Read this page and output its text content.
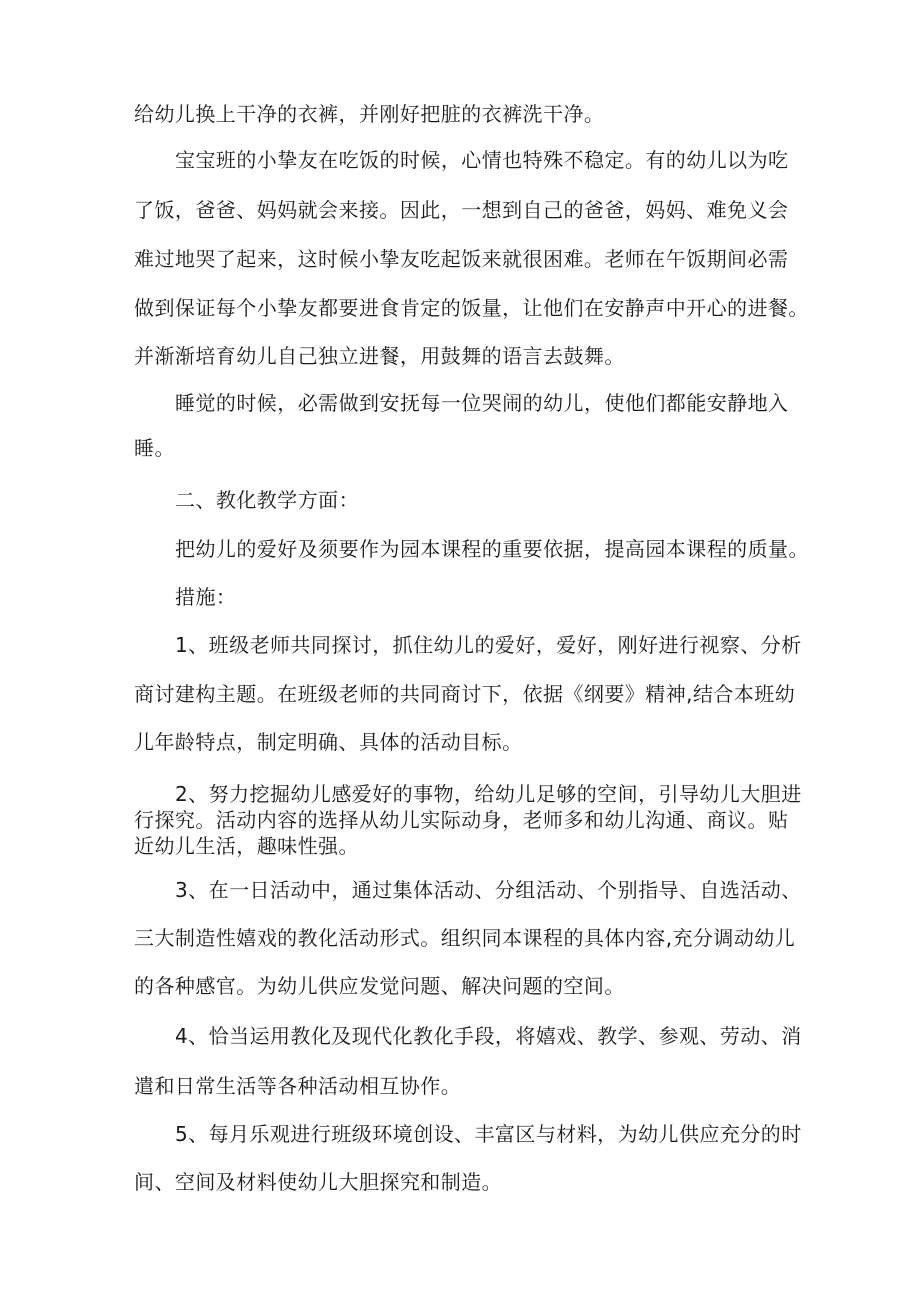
给幼儿换上干净的衣裤，并刚好把脏的衣裤洗干净。

宝宝班的小挚友在吃饭的时候，心情也特殊不稳定。有的幼儿以为吃

了饭，爸爸、妈妈就会来接。因此，一想到自己的爸爸，妈妈、难免义会

难过地哭了起来，这时候小挚友吃起饭来就很困难。老师在午饭期间必需

做到保证每个小挚友都要进食肯定的饭量，让他们在安静声中开心的进餐。

并渐渐培育幼儿自己独立进餐，用鼓舞的语言去鼓舞。

睡觉的时候，必需做到安抚每一位哭闹的幼儿，使他们都能安静地入

睡。

二、教化教学方面：

把幼儿的爱好及须要作为园本课程的重要依据，提高园本课程的质量。

措施：

1、班级老师共同探讨，抓住幼儿的爱好，爱好，刚好进行视察、分析

商讨建构主题。在班级老师的共同商讨下，依据《纲要》精神,结合本班幼

儿年龄特点，制定明确、具体的活动目标。

2、努力挖掘幼儿感爱好的事物，给幼儿足够的空间，引导幼儿大胆进

行探究。活动内容的选择从幼儿实际动身，老师多和幼儿沟通、商议。贴

近幼儿生活，趣味性强。

3、在一日活动中，通过集体活动、分组活动、个别指导、自选活动、

三大制造性嬉戏的教化活动形式。组织同本课程的具体内容,充分调动幼儿

的各种感官。为幼儿供应发觉问题、解决问题的空间。

4、恰当运用教化及现代化教化手段，将嬉戏、教学、参观、劳动、消

遣和日常生活等各种活动相互协作。

5、每月乐观进行班级环境创设、丰富区与材料，为幼儿供应充分的时

间、空间及材料使幼儿大胆探究和制造。
